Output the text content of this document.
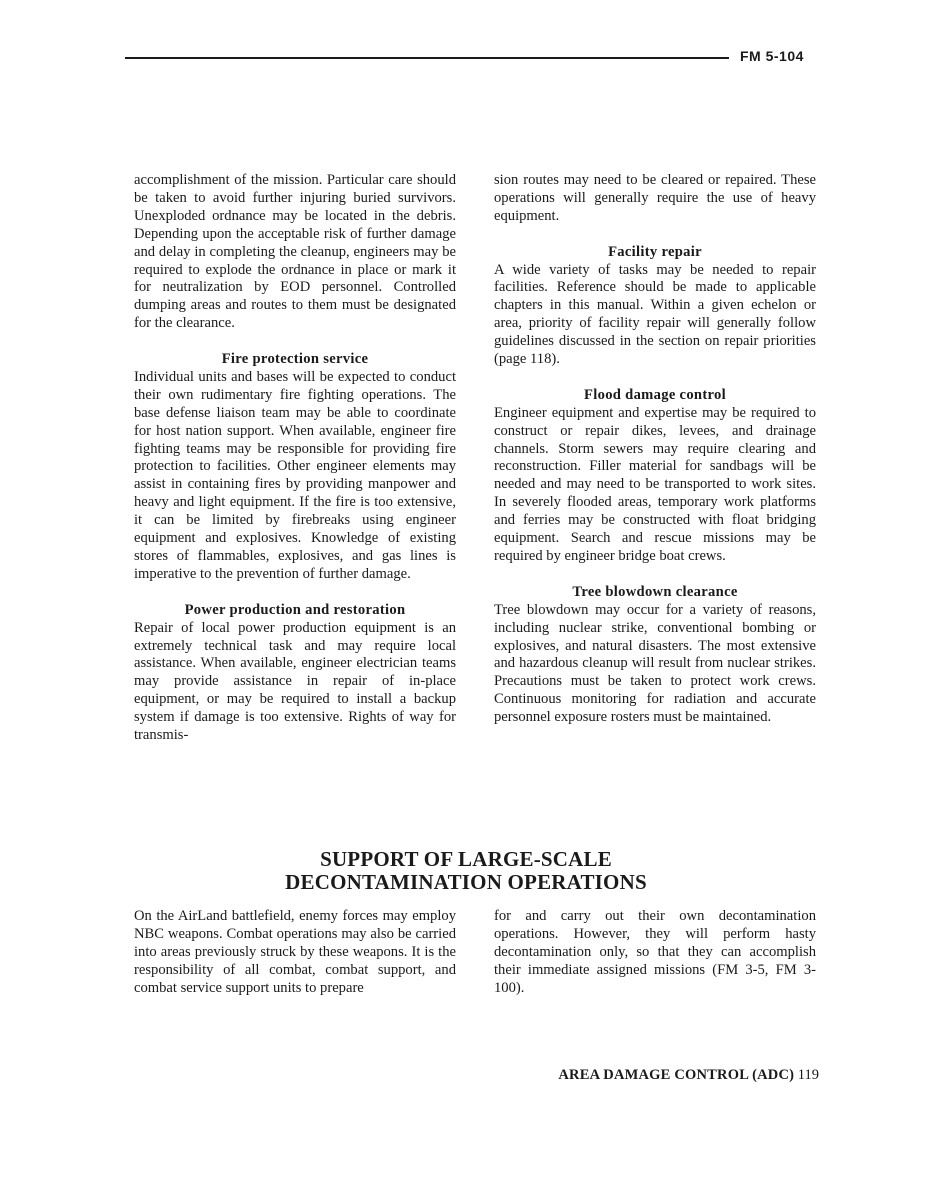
FM 5-104

accomplishment of the mission. Particular care should be taken to avoid further injuring buried survivors. Unexploded ordnance may be located in the debris. Depending upon the acceptable risk of further damage and delay in completing the cleanup, engineers may be required to explode the ordnance in place or mark it for neutralization by EOD personnel. Controlled dumping areas and routes to them must be designated for the clearance.

Fire protection service

Individual units and bases will be expected to conduct their own rudimentary fire fighting operations. The base defense liaison team may be able to coordinate for host nation support. When available, engineer fire fighting teams may be responsible for providing fire protection to facilities. Other engineer elements may assist in containing fires by providing manpower and heavy and light equipment. If the fire is too extensive, it can be limited by firebreaks using engineer equipment and explosives. Knowledge of existing stores of flammables, explosives, and gas lines is imperative to the prevention of further damage.

Power production and restoration

Repair of local power production equipment is an extremely technical task and may require local assistance. When available, engineer electrician teams may provide assistance in repair of in-place equipment, or may be required to install a backup system if damage is too extensive. Rights of way for transmis-

sion routes may need to be cleared or repaired. These operations will generally require the use of heavy equipment.

Facility repair

A wide variety of tasks may be needed to repair facilities. Reference should be made to applicable chapters in this manual. Within a given echelon or area, priority of facility repair will generally follow guidelines discussed in the section on repair priorities (page 118).

Flood damage control

Engineer equipment and expertise may be required to construct or repair dikes, levees, and drainage channels. Storm sewers may require clearing and reconstruction. Filler material for sandbags will be needed and may need to be transported to work sites. In severely flooded areas, temporary work platforms and ferries may be constructed with float bridging equipment. Search and rescue missions may be required by engineer bridge boat crews.

Tree blowdown clearance

Tree blowdown may occur for a variety of reasons, including nuclear strike, conventional bombing or explosives, and natural disasters. The most extensive and hazardous cleanup will result from nuclear strikes. Precautions must be taken to protect work crews. Continuous monitoring for radiation and accurate personnel exposure rosters must be maintained.

SUPPORT OF LARGE-SCALE
DECONTAMINATION OPERATIONS

On the AirLand battlefield, enemy forces may employ NBC weapons. Combat operations may also be carried into areas previously struck by these weapons. It is the responsibility of all combat, combat support, and combat service support units to prepare

for and carry out their own decontamination operations. However, they will perform hasty decontamination only, so that they can accomplish their immediate assigned missions (FM 3-5, FM 3-100).

AREA DAMAGE CONTROL (ADC) 119
